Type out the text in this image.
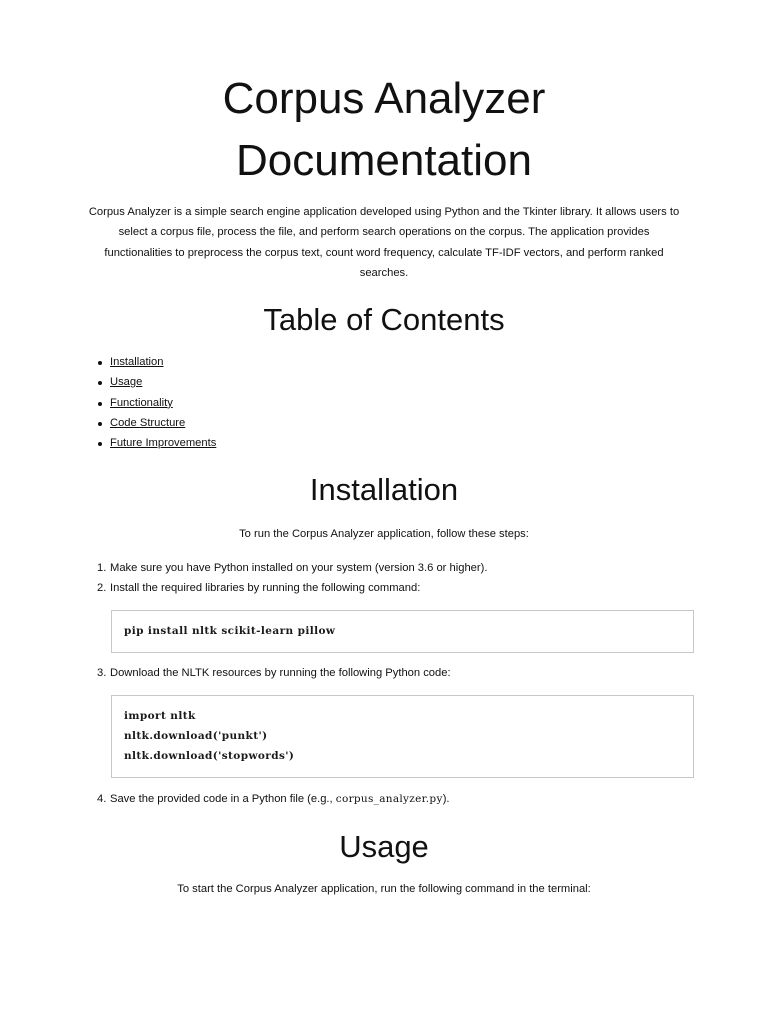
Corpus Analyzer
Documentation
Corpus Analyzer is a simple search engine application developed using Python and the Tkinter library. It allows users to
select a corpus file, process the file, and perform search operations on the corpus. The application provides
functionalities to preprocess the corpus text, count word frequency, calculate TF-IDF vectors, and perform ranked
searches.
Table of Contents
Installation
Usage
Functionality
Code Structure
Future Improvements
Installation

To run the Corpus Analyzer application, follow these steps:

1. Make sure you have Python installed on your system (version 3.6 or higher).

2. Install the required libraries by running the following command:

pip install nltk scikit-learn pillow

3. Download the NLTK resources by running the following Python code:

import nltk
nltk.download('punkt')
nltk.download('stopwords')

4. Save the provided code in a Python file (e.g., corpus_analyzer.py).

Usage

To start the Corpus Analyzer application, run the following command in the terminal:
